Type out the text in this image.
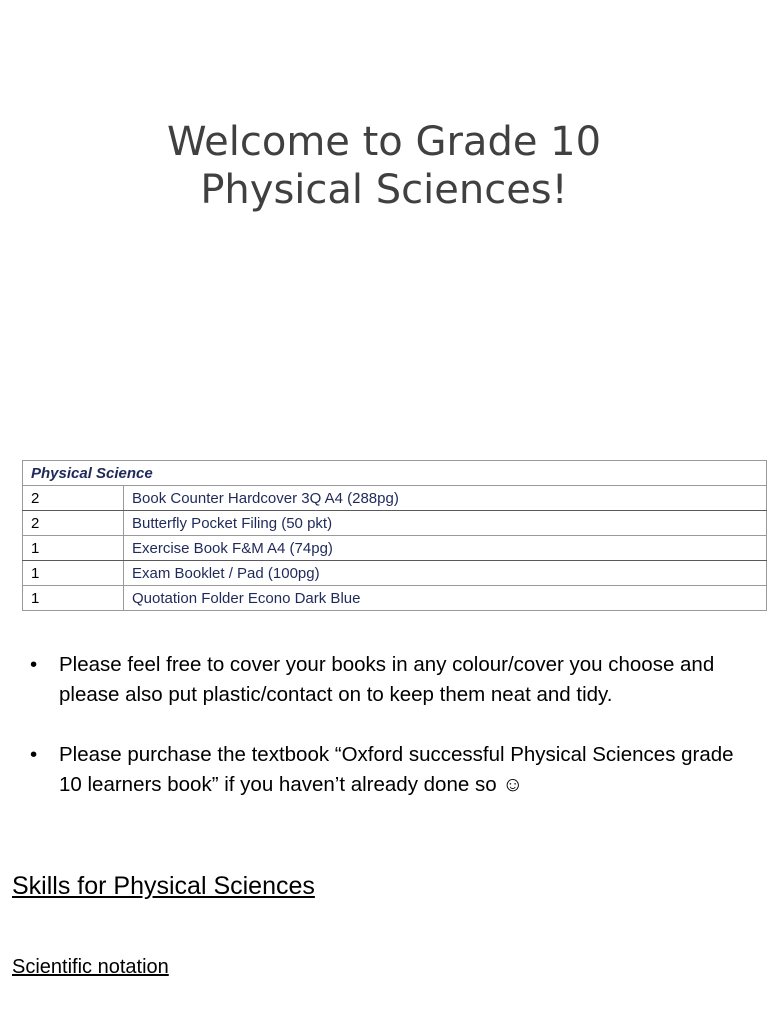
Welcome to Grade 10
Physical Sciences!
Physical Science	
2	Book Counter Hardcover 3Q A4 (288pg)
2	Butterfly Pocket Filing (50 pkt)
1	Exercise Book F&M A4 (74pg)
1	Exam Booklet / Pad (100pg)
1	Quotation Folder Econo Dark Blue
• Please feel free to cover your books in any colour/cover you choose and please also put plastic/contact on to keep them neat and tidy.
• Please purchase the textbook “Oxford successful Physical Sciences grade 10 learners book” if you haven’t already done so ☺
Skills for Physical Sciences
Scientific notation
